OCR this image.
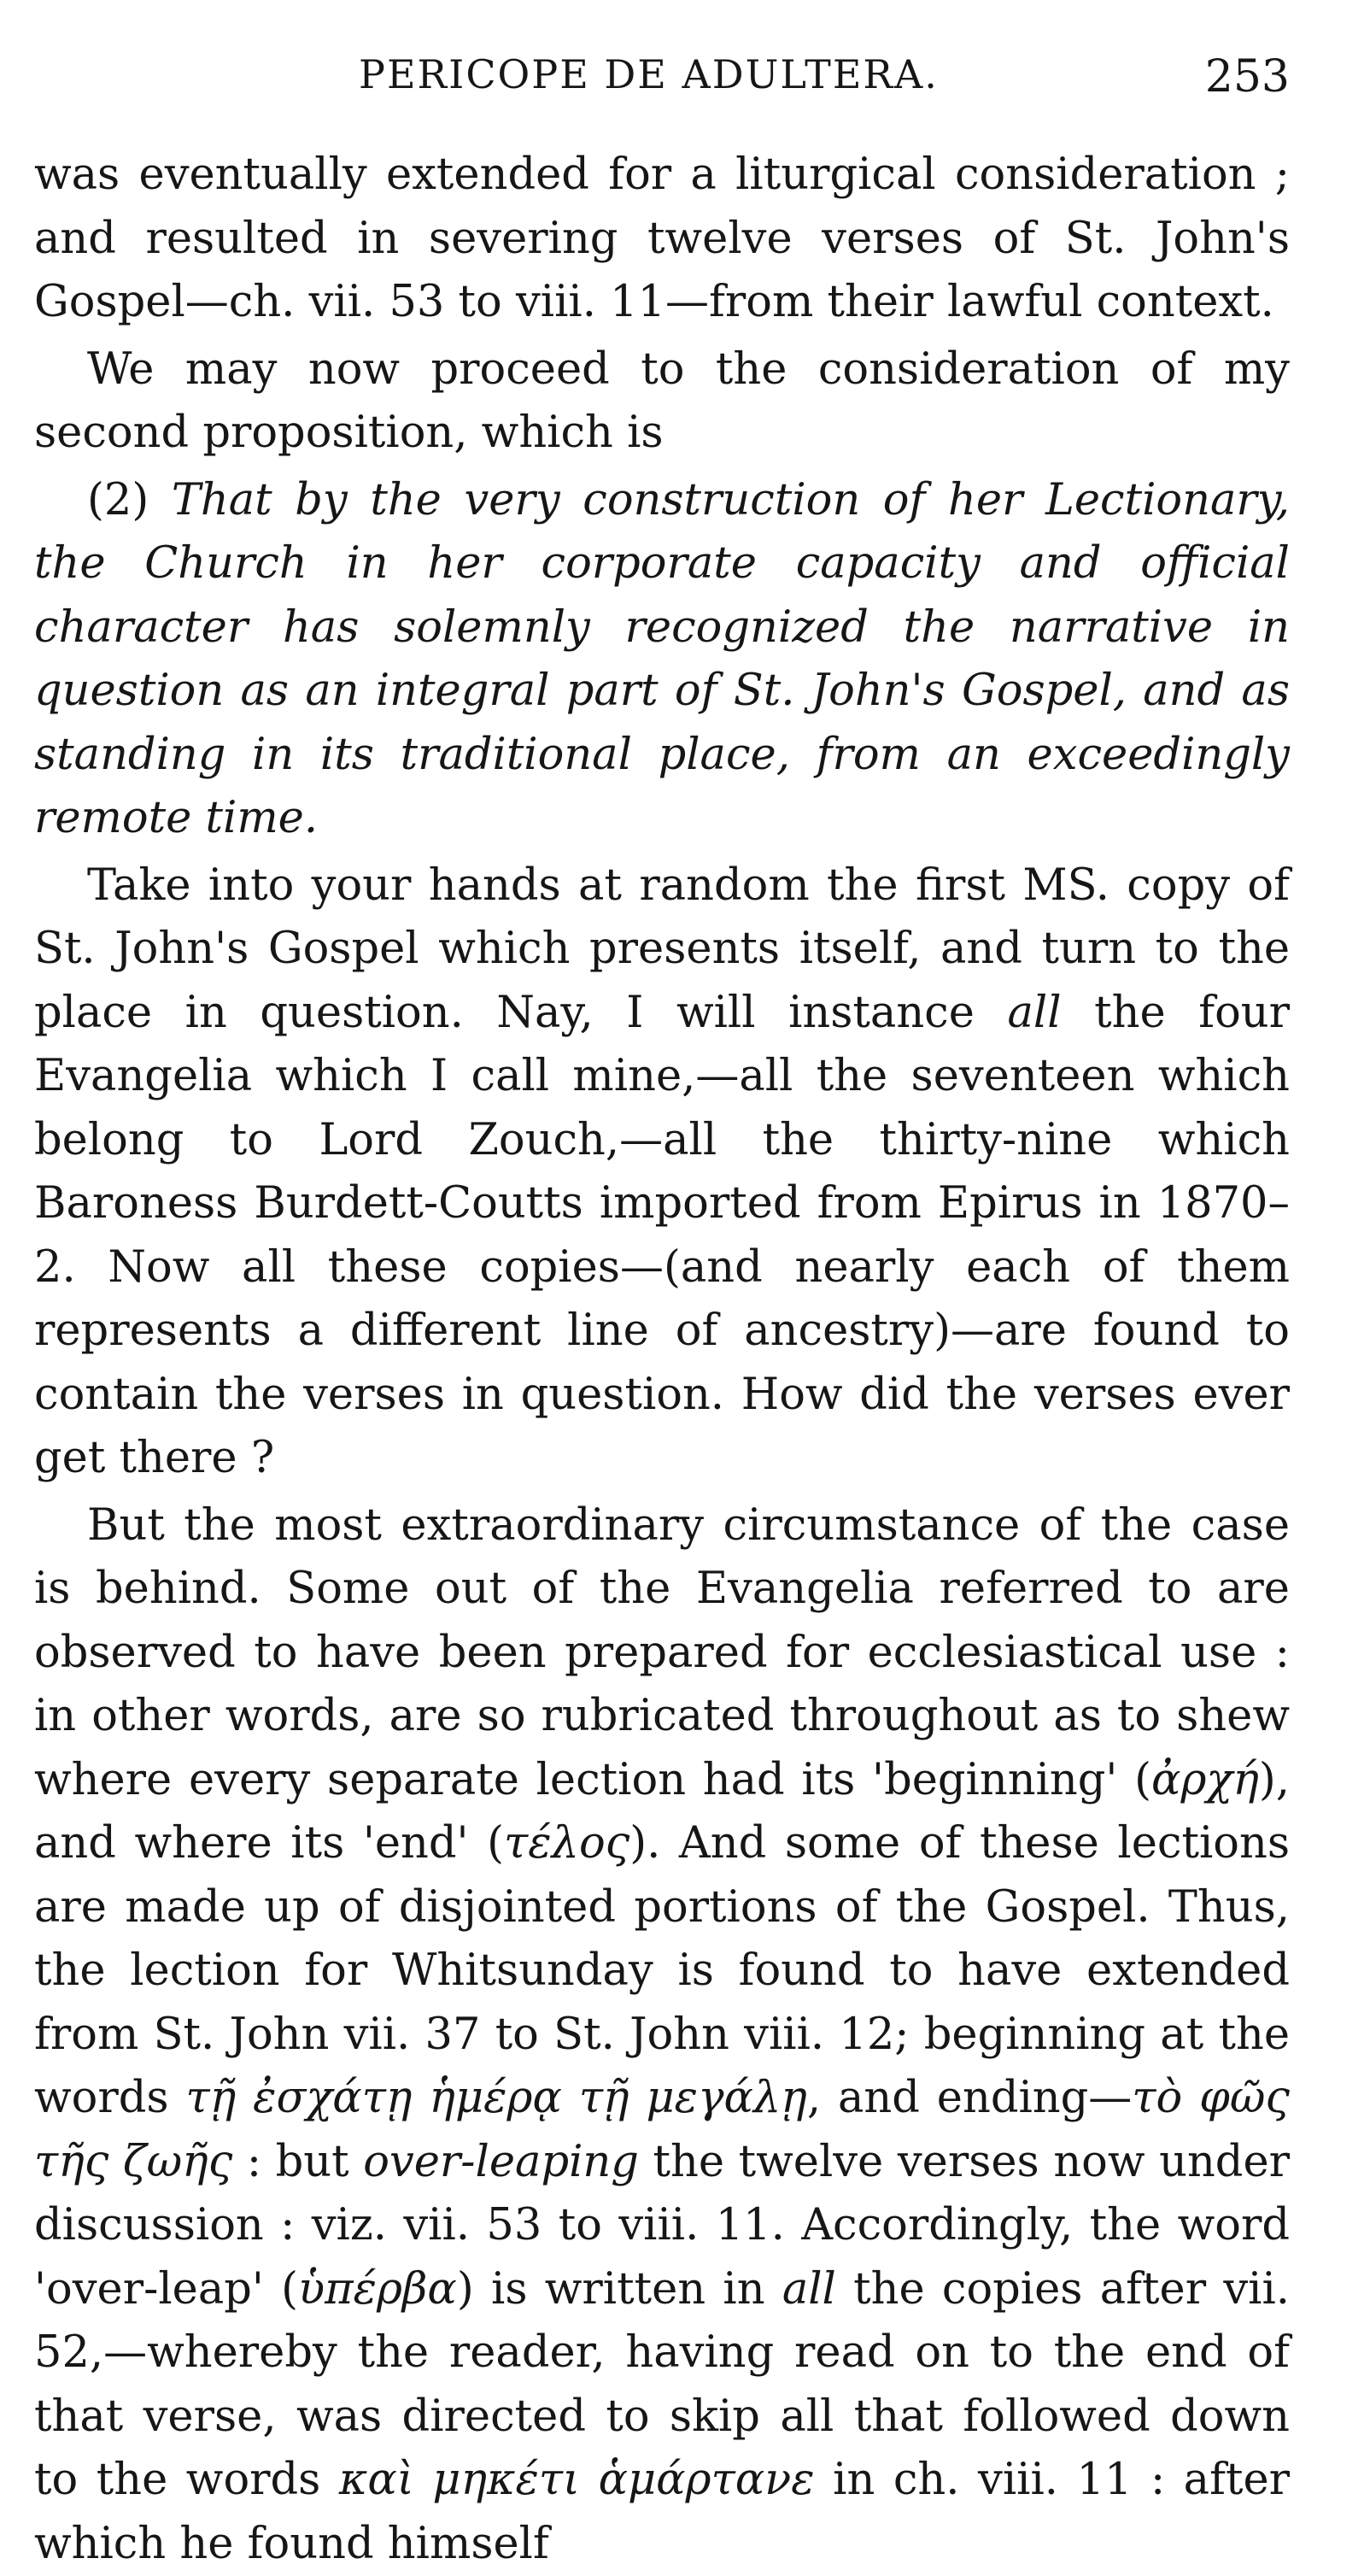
PERICOPE DE ADULTERA.	253

was eventually extended for a liturgical consideration ; and resulted in severing twelve verses of St. John's Gospel—ch. vii. 53 to viii. 11—from their lawful context.

We may now proceed to the consideration of my second proposition, which is

(2) That by the very construction of her Lectionary, the Church in her corporate capacity and official character has solemnly recognized the narrative in question as an integral part of St. John's Gospel, and as standing in its traditional place, from an exceedingly remote time.

Take into your hands at random the first MS. copy of St. John's Gospel which presents itself, and turn to the place in question. Nay, I will instance all the four Evangelia which I call mine,—all the seventeen which belong to Lord Zouch,—all the thirty-nine which Baroness Burdett-Coutts imported from Epirus in 1870–2. Now all these copies—(and nearly each of them represents a different line of ancestry)—are found to contain the verses in question. How did the verses ever get there ?

But the most extraordinary circumstance of the case is behind. Some out of the Evangelia referred to are observed to have been prepared for ecclesiastical use : in other words, are so rubricated throughout as to shew where every separate lection had its 'beginning' (ἀρχή), and where its 'end' (τέλος). And some of these lections are made up of disjointed portions of the Gospel. Thus, the lection for Whitsunday is found to have extended from St. John vii. 37 to St. John viii. 12; beginning at the words τῇ ἐσχάτῃ ἡμέρᾳ τῇ μεγάλῃ, and ending—τὸ φῶς τῆς ζωῆς : but over-leaping the twelve verses now under discussion : viz. vii. 53 to viii. 11. Accordingly, the word 'over-leap' (ὑπέρβα) is written in all the copies after vii. 52,—whereby the reader, having read on to the end of that verse, was directed to skip all that followed down to the words καὶ μηκέτι ἁμάρτανε in ch. viii. 11 : after which he found himself
